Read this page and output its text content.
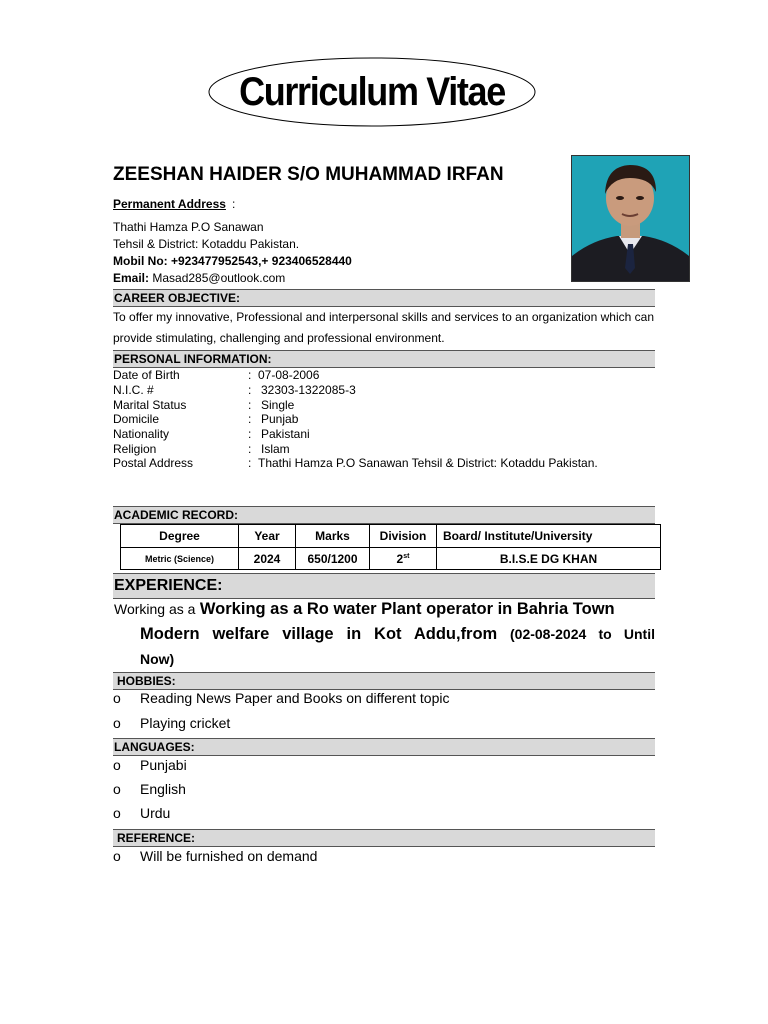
Curriculum Vitae
ZEESHAN HAIDER S/O MUHAMMAD IRFAN
Permanent Address :
Thathi Hamza P.O Sanawan
Tehsil & District: Kotaddu Pakistan.
Mobil No: +923477952543,+ 923406528440
Email: Masad285@outlook.com
CAREER OBJECTIVE:
To offer my innovative, Professional and interpersonal skills and services to an organization which can provide stimulating, challenging and professional environment.
PERSONAL INFORMATION:
Date of Birth	: 07-08-2006
N.I.C. #	: 32303-1322085-3
Marital Status	: Single
Domicile	: Punjab
Nationality	: Pakistani
Religion	: Islam
Postal Address	: Thathi Hamza P.O Sanawan Tehsil & District: Kotaddu Pakistan.
ACADEMIC RECORD:
Degree	Year	Marks	Division	Board/ Institute/University
Metric (Science)	2024	650/1200	2st	B.I.S.E DG KHAN
EXPERIENCE:
Working as a Working as a Ro water Plant operator in Bahria Town
Modern welfare village in Kot Addu,from (02-08-2024 to Until
Now)
HOBBIES:
o Reading News Paper and Books on different topic
o Playing cricket
LANGUAGES:
o Punjabi
o English
o Urdu
REFERENCE:
o Will be furnished on demand
